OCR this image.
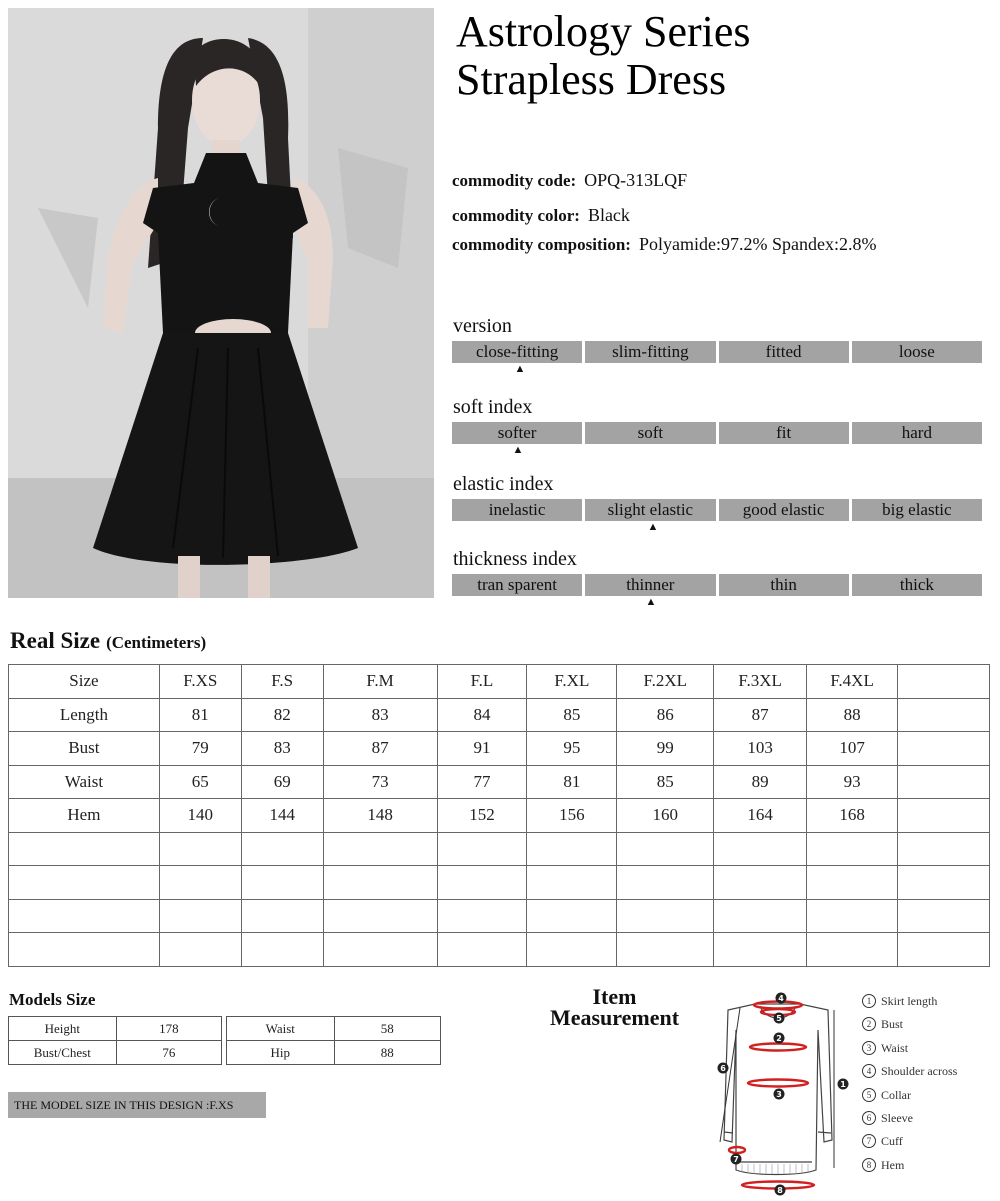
Astrology Series
Strapless Dress
commodity code: OPQ-313LQF
commodity color: Black
commodity composition: Polyamide:97.2% Spandex:2.8%
version
close-fitting	slim-fitting	fitted	loose
▲
soft index
softer	soft	fit	hard
▲
elastic index
inelastic	slight elastic	good elastic	big elastic
▲
thickness index
tran sparent	thinner	thin	thick
▲
Real Size (Centimeters)
Size	F.XS	F.S	F.M	F.L	F.XL	F.2XL	F.3XL	F.4XL	
Length	81	82	83	84	85	86	87	88	
Bust	79	83	87	91	95	99	103	107	
Waist	65	69	73	77	81	85	89	93	
Hem	140	144	148	152	156	160	164	168	

Models Size
Height	178
Bust/Chest	76
Waist	58
Hip	88
THE MODEL SIZE IN THIS DESIGN :F.XS
Item
Measurement
4
2
5
3
1
6
7
8
1 Skirt length
2 Bust
3 Waist
4 Shoulder across
5 Collar
6 Sleeve
7 Cuff
8 Hem
